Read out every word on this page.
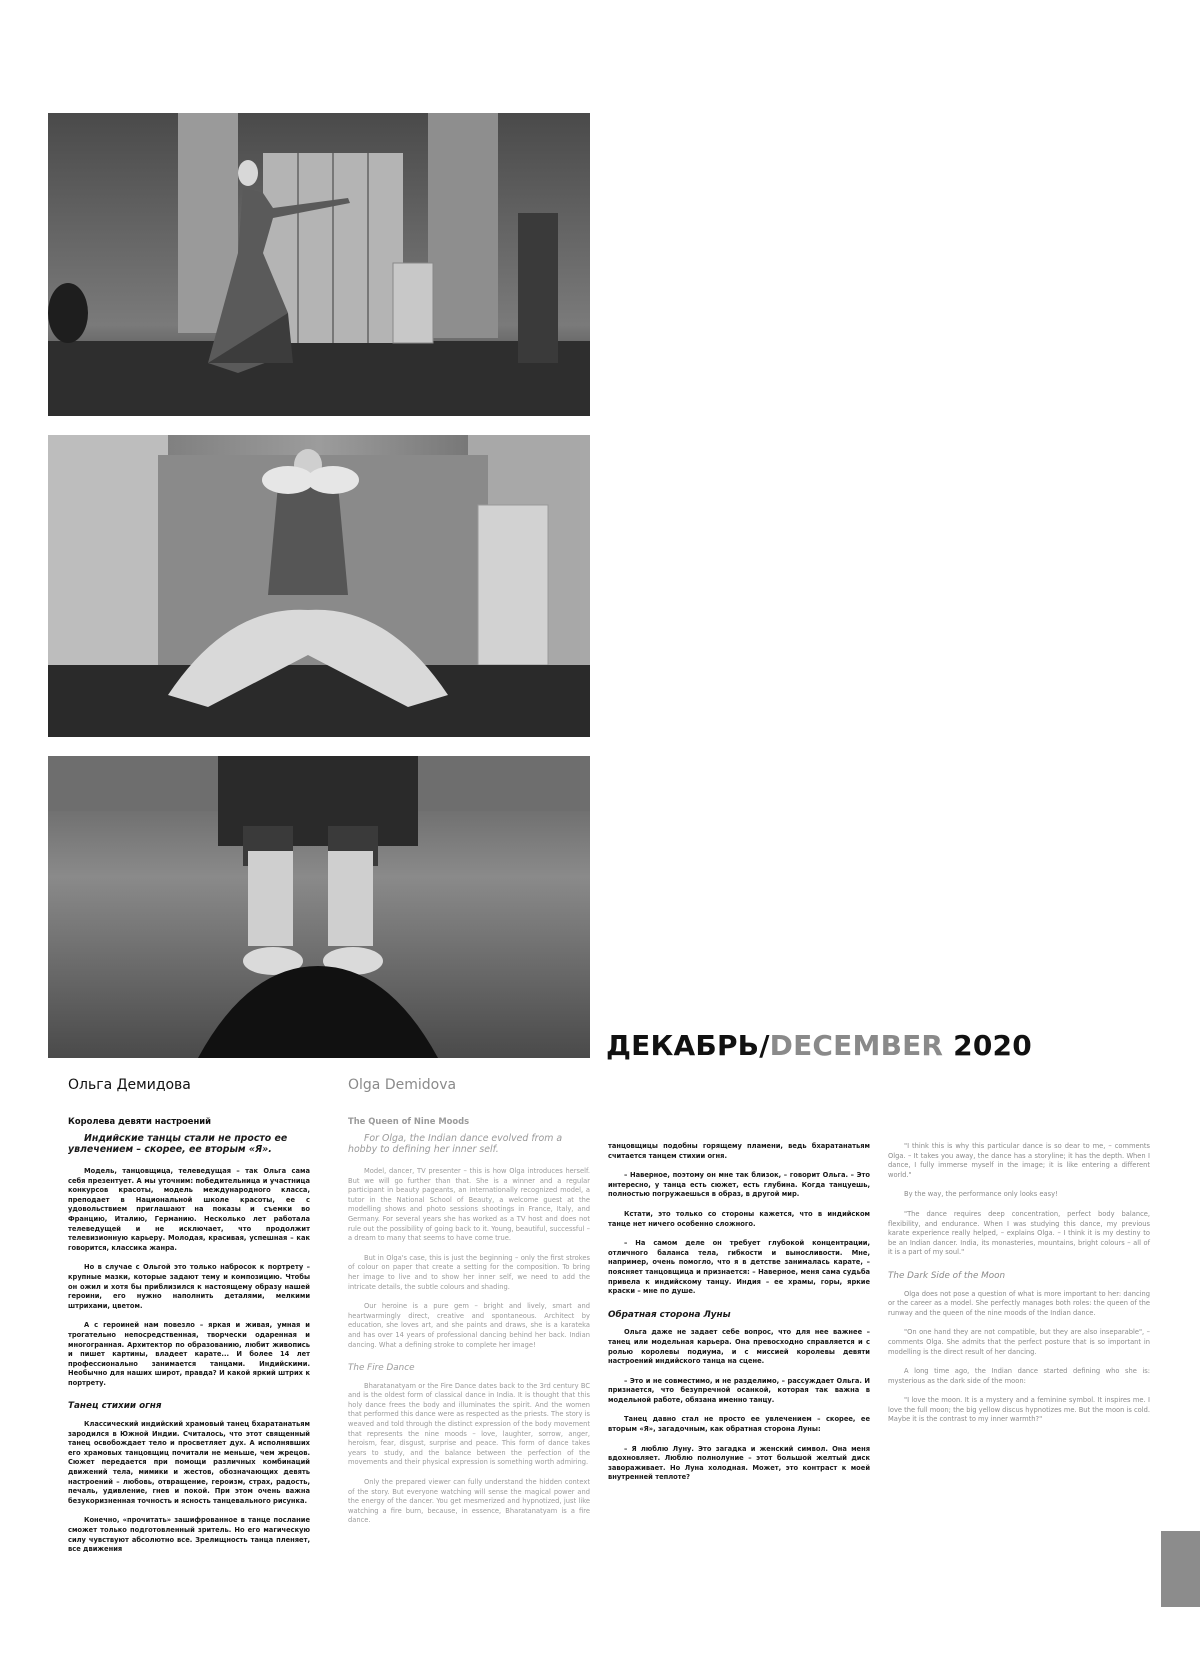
ДЕКАБРЬ/DECEMBER 2020
Ольга Демидова	Olga Demidova
Королева девяти настроений

Индийские танцы стали не просто ее увлечением – скорее, ее вторым «Я».

Модель, танцовщица, телеведущая – так Ольга сама себя презентует. А мы уточним: победительница и участница конкурсов красоты, модель международного класса, преподает в Национальной школе красоты, ее с удовольствием приглашают на показы и съемки во Францию, Италию, Германию. Несколько лет работала телеведущей и не исключает, что продолжит телевизионную карьеру. Молодая, красивая, успешная – как говорится, классика жанра.

Но в случае с Ольгой это только набросок к портрету – крупные мазки, которые задают тему и композицию. Чтобы он ожил и хотя бы приблизился к настоящему образу нашей героини, его нужно наполнить деталями, мелкими штрихами, цветом.

А с героиней нам повезло – яркая и живая, умная и трогательно непосредственная, творчески одаренная и многогранная. Архитектор по образованию, любит живопись и пишет картины, владеет карате... И более 14 лет профессионально занимается танцами. Индийскими. Необычно для наших широт, правда? И какой яркий штрих к портрету.

Танец стихии огня

Классический индийский храмовый танец бхаратанатьям зародился в Южной Индии. Считалось, что этот священный танец освобождает тело и просветляет дух. А исполнявших его храмовых танцовщиц почитали не меньше, чем жрецов. Сюжет передается при помощи различных комбинаций движений тела, мимики и жестов, обозначающих девять настроений – любовь, отвращение, героизм, страх, радость, печаль, удивление, гнев и покой. При этом очень важна безукоризненная точность и ясность танцевального рисунка.

Конечно, «прочитать» зашифрованное в танце послание сможет только подготовленный зритель. Но его магическую силу чувствуют абсолютно все. Зрелищность танца пленяет, все движения

The Queen of Nine Moods

For Olga, the Indian dance evolved from a hobby to defining her inner self.

Model, dancer, TV presenter – this is how Olga introduces herself. But we will go further than that. She is a winner and a regular participant in beauty pageants, an internationally recognized model, a tutor in the National School of Beauty, a welcome guest at the modelling shows and photo sessions shootings in France, Italy, and Germany. For several years she has worked as a TV host and does not rule out the possibility of going back to it. Young, beautiful, successful – a dream to many that seems to have come true.

But in Olga's case, this is just the beginning – only the first strokes of colour on paper that create a setting for the composition. To bring her image to live and to show her inner self, we need to add the intricate details, the subtle colours and shading.

Our heroine is a pure gem – bright and lively, smart and heartwarmingly direct, creative and spontaneous. Architect by education, she loves art, and she paints and draws, she is a karateka and has over 14 years of professional dancing behind her back. Indian dancing. What a defining stroke to complete her image!

The Fire Dance

Bharatanatyam or the Fire Dance dates back to the 3rd century BC and is the oldest form of classical dance in India. It is thought that this holy dance frees the body and illuminates the spirit. And the women that performed this dance were as respected as the priests. The story is weaved and told through the distinct expression of the body movement that represents the nine moods – love, laughter, sorrow, anger, heroism, fear, disgust, surprise and peace. This form of dance takes years to study, and the balance between the perfection of the movements and their physical expression is something worth admiring.

Only the prepared viewer can fully understand the hidden context of the story. But everyone watching will sense the magical power and the energy of the dancer. You get mesmerized and hypnotized, just like watching a fire burn, because, in essence, Bharatanatyam is a fire dance.

танцовщицы подобны горящему пламени, ведь бхаратанатьям считается танцем стихии огня.

– Наверное, поэтому он мне так близок, – говорит Ольга. – Это интересно, у танца есть сюжет, есть глубина. Когда танцуешь, полностью погружаешься в образ, в другой мир.

Кстати, это только со стороны кажется, что в индийском танце нет ничего особенно сложного.

– На самом деле он требует глубокой концентрации, отличного баланса тела, гибкости и выносливости. Мне, например, очень помогло, что я в детстве занималась карате, – поясняет танцовщица и признается: – Наверное, меня сама судьба привела к индийскому танцу. Индия – ее храмы, горы, яркие краски – мне по душе.

Обратная сторона Луны

Ольга даже не задает себе вопрос, что для нее важнее – танец или модельная карьера. Она превосходно справляется и с ролью королевы подиума, и с миссией королевы девяти настроений индийского танца на сцене.

– Это и не совместимо, и не разделимо, – рассуждает Ольга. И признается, что безупречной осанкой, которая так важна в модельной работе, обязана именно танцу.

Танец давно стал не просто ее увлечением – скорее, ее вторым «Я», загадочным, как обратная сторона Луны:

– Я люблю Луну. Это загадка и женский символ. Она меня вдохновляет. Люблю полнолуние – этот большой желтый диск завораживает. Но Луна холодная. Может, это контраст к моей внутренней теплоте?

"I think this is why this particular dance is so dear to me, – comments Olga. – It takes you away, the dance has a storyline; it has the depth. When I dance, I fully immerse myself in the image; it is like entering a different world."

By the way, the performance only looks easy!

"The dance requires deep concentration, perfect body balance, flexibility, and endurance. When I was studying this dance, my previous karate experience really helped, – explains Olga. – I think it is my destiny to be an Indian dancer. India, its monasteries, mountains, bright colours – all of it is a part of my soul."

The Dark Side of the Moon

Olga does not pose a question of what is more important to her: dancing or the career as a model. She perfectly manages both roles: the queen of the runway and the queen of the nine moods of the Indian dance.

"On one hand they are not compatible, but they are also inseparable", – comments Olga. She admits that the perfect posture that is so important in modelling is the direct result of her dancing.

A long time ago, the Indian dance started defining who she is: mysterious as the dark side of the moon:

"I love the moon. It is a mystery and a feminine symbol. It inspires me. I love the full moon; the big yellow discus hypnotizes me. But the moon is cold. Maybe it is the contrast to my inner warmth?"
